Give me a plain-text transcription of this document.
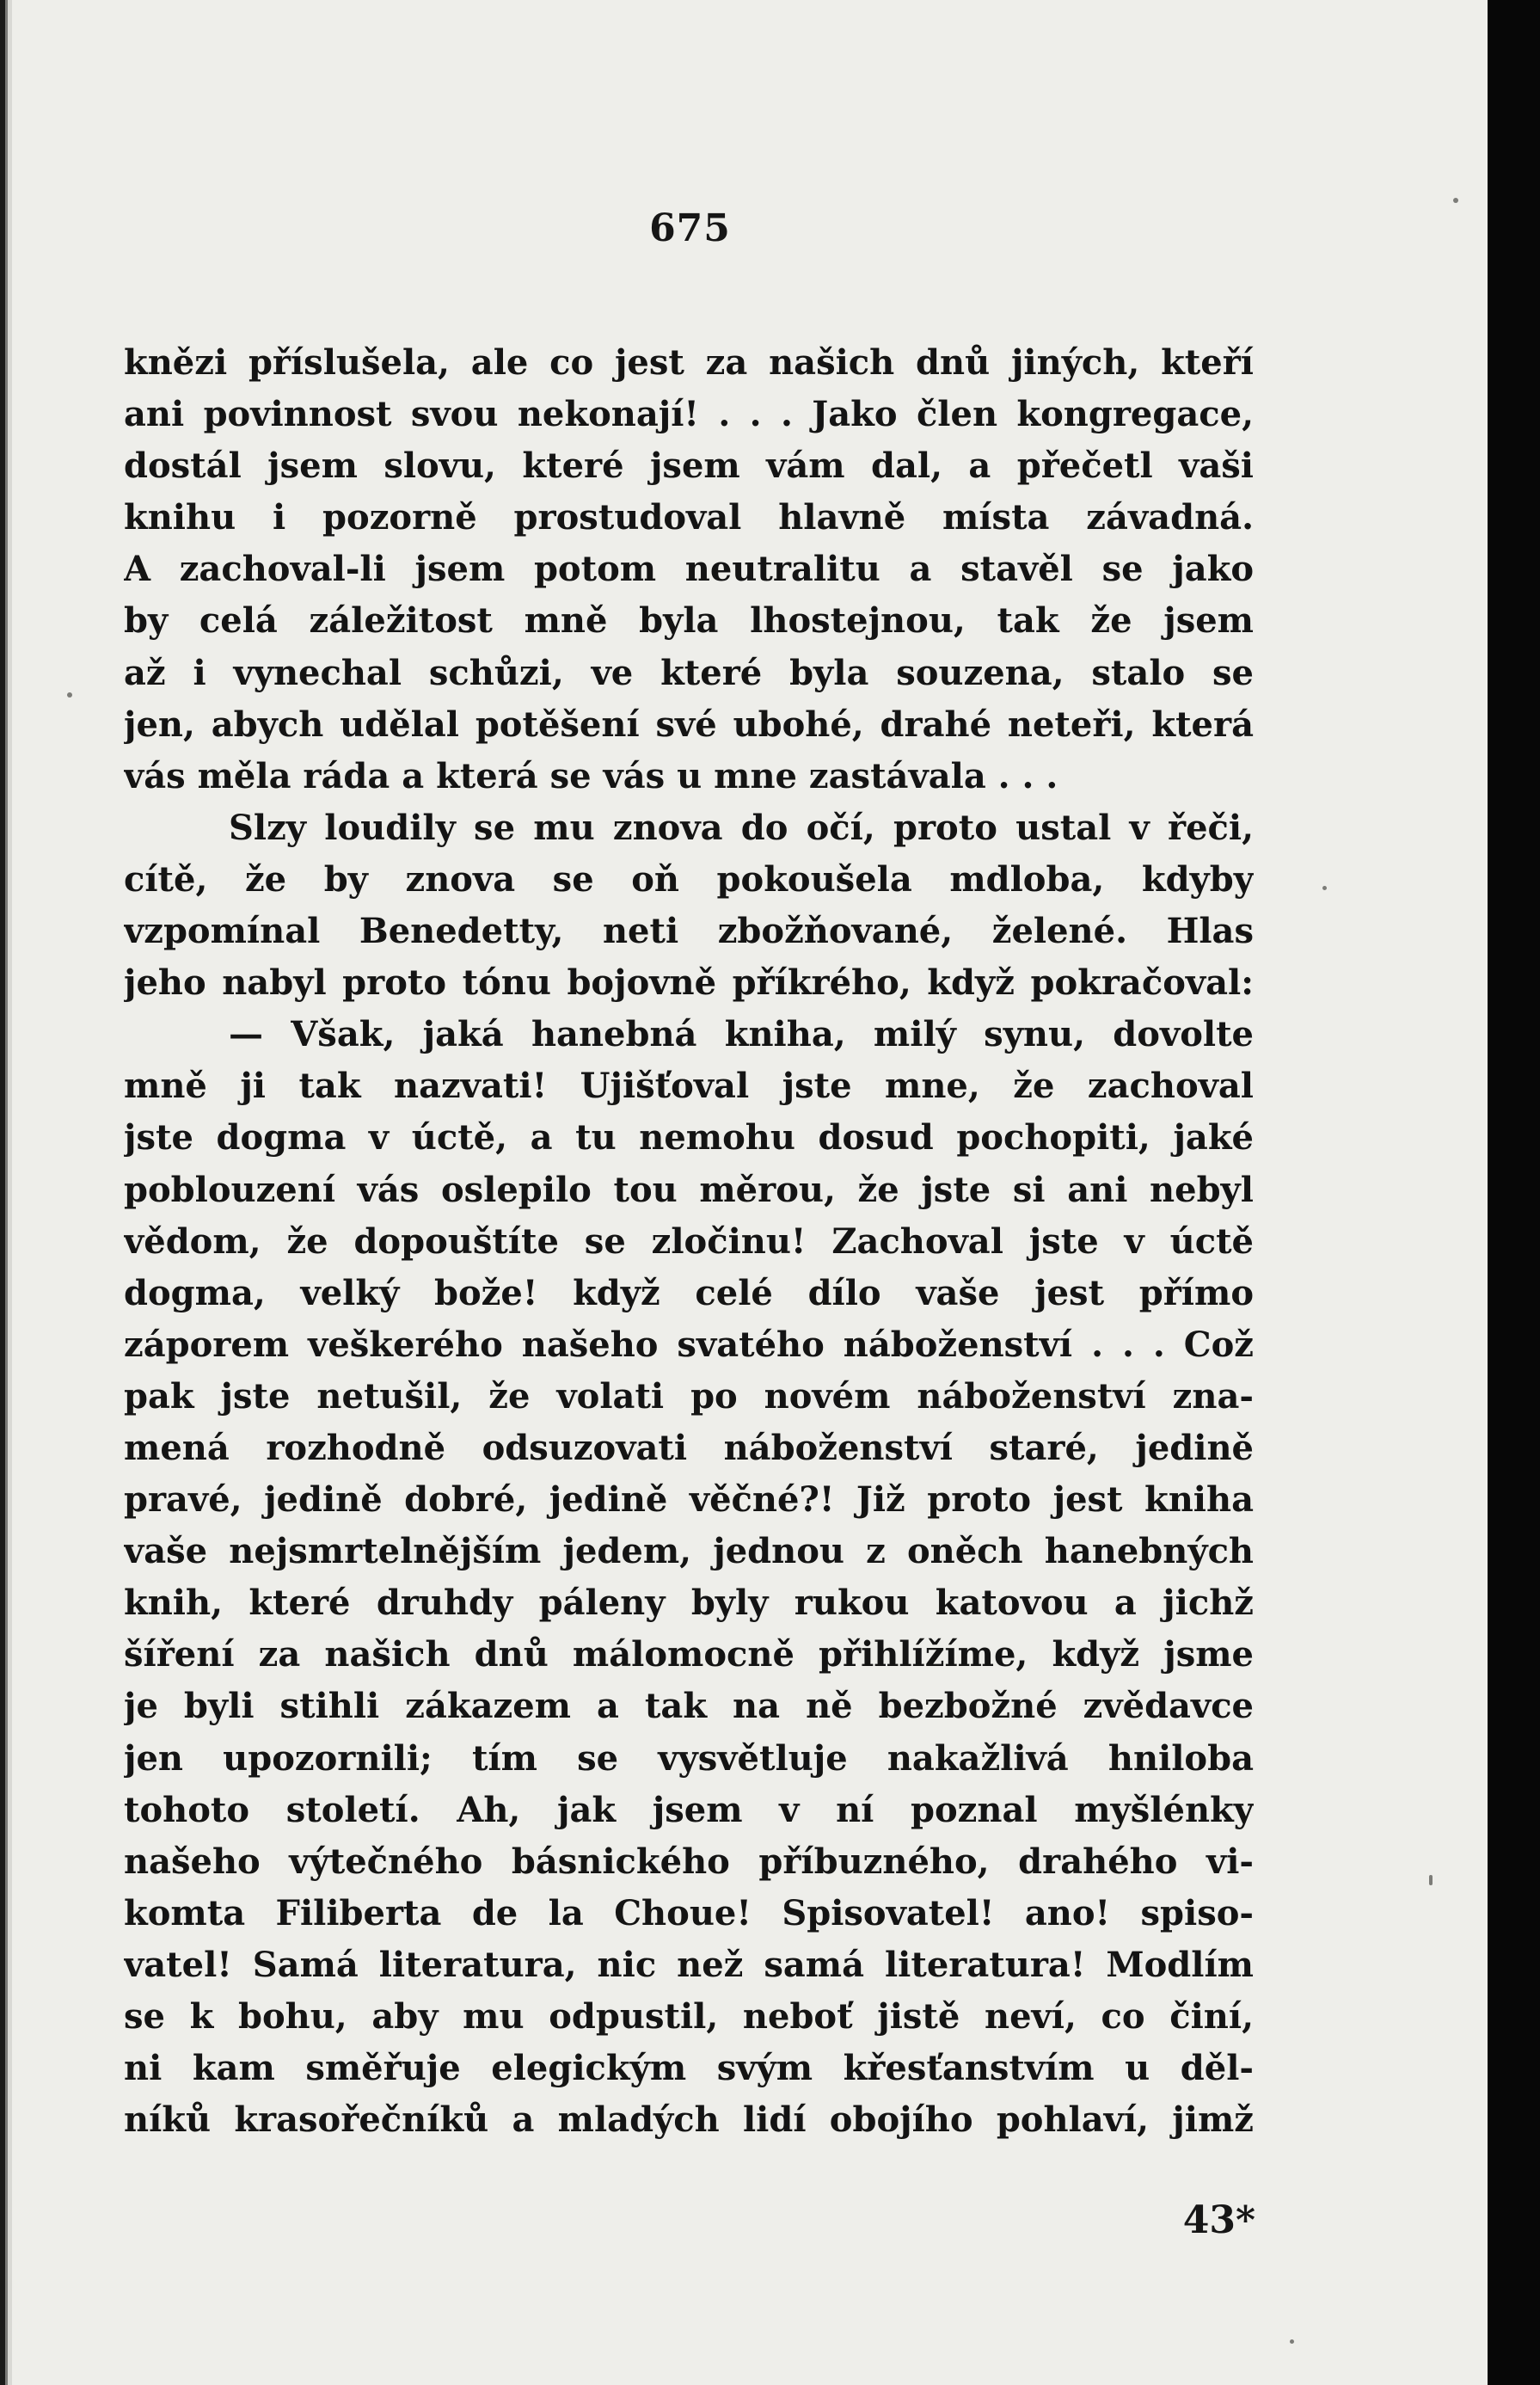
675
knězi příslušela, ale co jest za našich dnů jiných, kteří
ani povinnost svou nekonají! . . . Jako člen kongregace,
dostál jsem slovu, které jsem vám dal, a přečetl vaši
knihu i pozorně prostudoval hlavně místa závadná.
A zachoval-li jsem potom neutralitu a stavěl se jako
by celá záležitost mně byla lhostejnou, tak že jsem
až i vynechal schůzi, ve které byla souzena, stalo se
jen, abych udělal potěšení své ubohé, drahé neteři, která
vás měla ráda a která se vás u mne zastávala . . .
Slzy loudily se mu znova do očí, proto ustal v řeči,
cítě, že by znova se oň pokoušela mdloba, kdyby
vzpomínal Benedetty, neti zbožňované, želené. Hlas
jeho nabyl proto tónu bojovně příkrého, když pokračoval:
— Však, jaká hanebná kniha, milý synu, dovolte
mně ji tak nazvati! Ujišťoval jste mne, že zachoval
jste dogma v úctě, a tu nemohu dosud pochopiti, jaké
poblouzení vás oslepilo tou měrou, že jste si ani nebyl
vědom, že dopouštíte se zločinu! Zachoval jste v úctě
dogma, velký bože! když celé dílo vaše jest přímo
záporem veškerého našeho svatého náboženství . . . Což
pak jste netušil, že volati po novém náboženství zna-
mená rozhodně odsuzovati náboženství staré, jedině
pravé, jedině dobré, jedině věčné?! Již proto jest kniha
vaše nejsmrtelnějším jedem, jednou z oněch hanebných
knih, které druhdy páleny byly rukou katovou a jichž
šíření za našich dnů málomocně přihlížíme, když jsme
je byli stihli zákazem a tak na ně bezbožné zvědavce
jen upozornili; tím se vysvětluje nakažlivá hniloba
tohoto století. Ah, jak jsem v ní poznal myšlénky
našeho výtečného básnického příbuzného, drahého vi-
komta Filiberta de la Choue! Spisovatel! ano! spiso-
vatel! Samá literatura, nic než samá literatura! Modlím
se k bohu, aby mu odpustil, neboť jistě neví, co činí,
ni kam směřuje elegickým svým křesťanstvím u děl-
níků krasořečníků a mladých lidí obojího pohlaví, jimž
43*
